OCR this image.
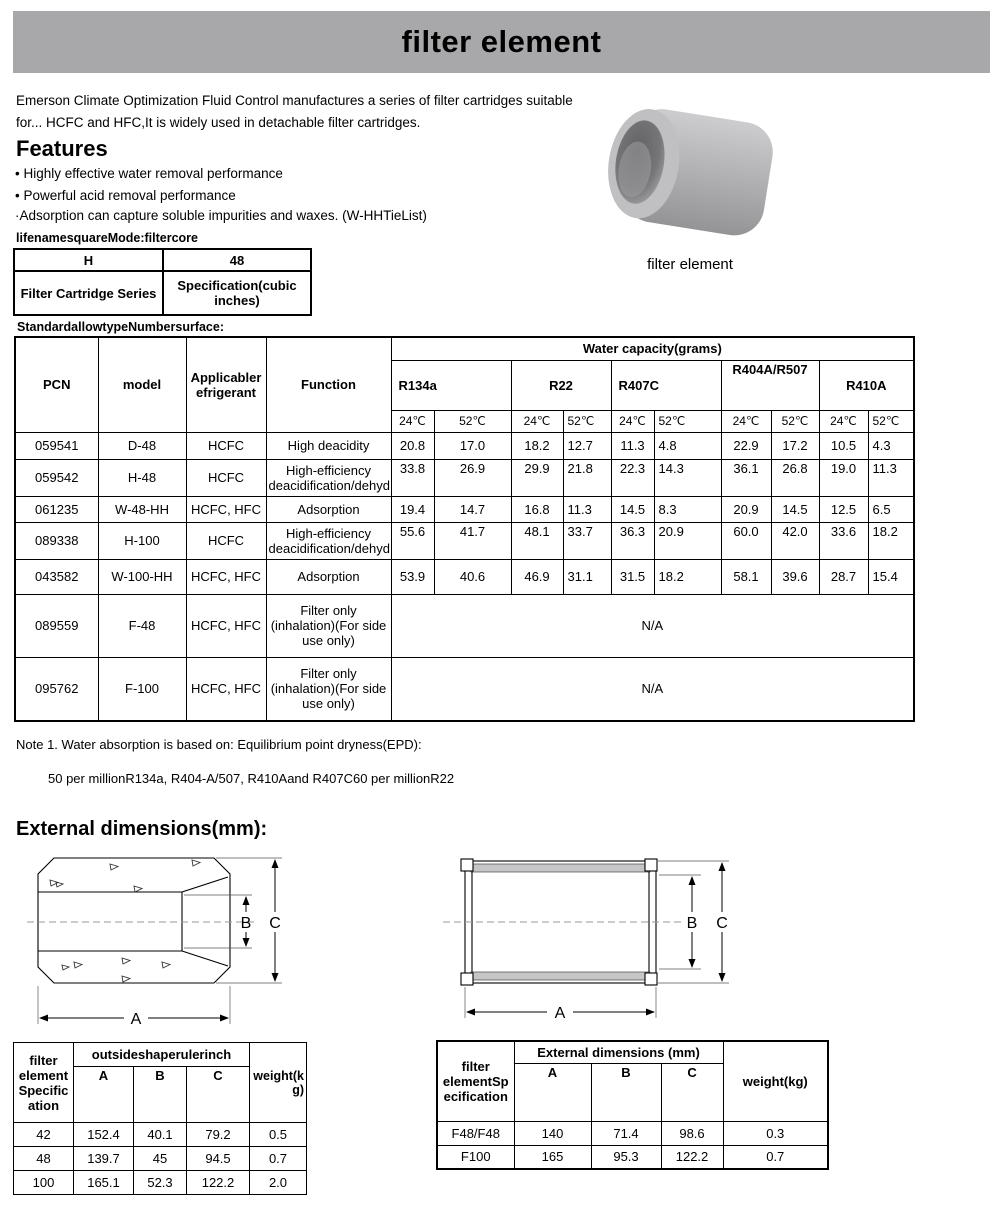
filter element
Emerson Climate Optimization Fluid Control manufactures a series of filter cartridges suitable for... HCFC and HFC,It is widely used in detachable filter cartridges.
filter element
Features
• Highly effective water removal performance
• Powerful acid removal performance
·Adsorption can capture soluble impurities and waxes. (W-HHTieList)
lifenamesquareMode:filtercore
H	48
Filter Cartridge Series	Specification(cubic inches)
StandardallowtypeNumbersurface:
PCN	model	Applicablerefrigerant	Function	Water capacity(grams)									
				R134a		R22		R407C		R404A/R507		R410A	
				24℃	52℃	24℃	52℃	24℃	52℃	24℃	52℃	24℃	52℃
059541	D-48	HCFC	High deacidity	20.8	17.0	18.2	12.7	11.3	4.8	22.9	17.2	10.5	4.3
059542	H-48	HCFC	High-efficiency deacidification/dehyd	33.8	26.9	29.9	21.8	22.3	14.3	36.1	26.8	19.0	11.3
061235	W-48-HH	HCFC, HFC	Adsorption	19.4	14.7	16.8	11.3	14.5	8.3	20.9	14.5	12.5	6.5
089338	H-100	HCFC	High-efficiency deacidification/dehyd	55.6	41.7	48.1	33.7	36.3	20.9	60.0	42.0	33.6	18.2
043582	W-100-HH	HCFC, HFC	Adsorption	53.9	40.6	46.9	31.1	31.5	18.2	58.1	39.6	28.7	15.4
089559	F-48	HCFC, HFC	Filter only (inhalation)(For side use only)	N/A									
095762	F-100	HCFC, HFC	Filter only (inhalation)(For side use only)	N/A									
Note 1. Water absorption is based on: Equilibrium point dryness(EPD):
50 per millionR134a, R404-A/507, R410Aand R407C60 per millionR22
External dimensions(mm):
B C
A
B C
A
filter element Specification	outsideshaperulerinch			weight(kg)
	A	B	C	
42	152.4	40.1	79.2	0.5
48	139.7	45	94.5	0.7
100	165.1	52.3	122.2	2.0
filter elementSpecification	External dimensions (mm)			weight(kg)
	A	B	C	
F48/F48	140	71.4	98.6	0.3
F100	165	95.3	122.2	0.7
